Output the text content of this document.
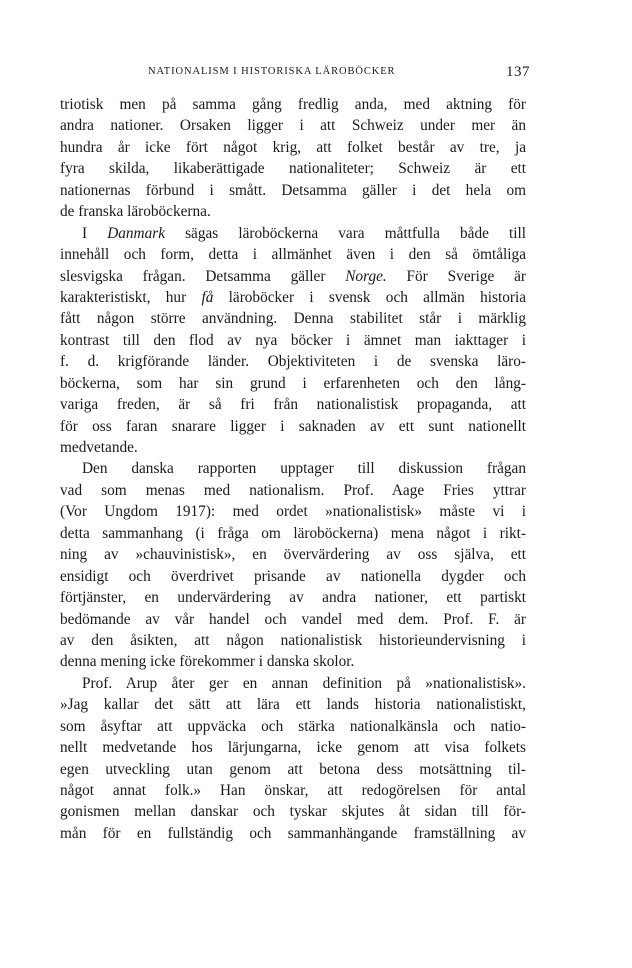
NATIONALISM I HISTORISKA LÄROBÖCKER	137
triotisk men på samma gång fredlig anda, med aktning för
andra nationer. Orsaken ligger i att Schweiz under mer än
hundra år icke fört något krig, att folket består av tre, ja
fyra skilda, likaberättigade nationaliteter; Schweiz är ett
nationernas förbund i smått. Detsamma gäller i det hela om
de franska läroböckerna.
I Danmark sägas läroböckerna vara måttfulla både till
innehåll och form, detta i allmänhet även i den så ömtåliga
slesvigska frågan. Detsamma gäller Norge. För Sverige är
karakteristiskt, hur få läroböcker i svensk och allmän historia
fått någon större användning. Denna stabilitet står i märklig
kontrast till den flod av nya böcker i ämnet man iakttager i
f. d. krigförande länder. Objektiviteten i de svenska läro-
böckerna, som har sin grund i erfarenheten och den lång-
variga freden, är så fri från nationalistisk propaganda, att
för oss faran snarare ligger i saknaden av ett sunt nationellt
medvetande.
Den danska rapporten upptager till diskussion frågan
vad som menas med nationalism. Prof. Aage Fries yttrar
(Vor Ungdom 1917): med ordet »nationalistisk» måste vi i
detta sammanhang (i fråga om läroböckerna) mena något i rikt-
ning av »chauvinistisk», en övervärdering av oss själva, ett
ensidigt och överdrivet prisande av nationella dygder och
förtjänster, en undervärdering av andra nationer, ett partiskt
bedömande av vår handel och vandel med dem. Prof. F. är
av den åsikten, att någon nationalistisk historieundervisning i
denna mening icke förekommer i danska skolor.
Prof. Arup åter ger en annan definition på »nationalistisk».
»Jag kallar det sätt att lära ett lands historia nationalistiskt,
som åsyftar att uppväcka och stärka nationalkänsla och natio-
nellt medvetande hos lärjungarna, icke genom att visa folkets
egen utveckling utan genom att betona dess motsättning til-
något annat folk.» Han önskar, att redogörelsen för antal
gonismen mellan danskar och tyskar skjutes åt sidan till för-
mån för en fullständig och sammanhängande framställning av
